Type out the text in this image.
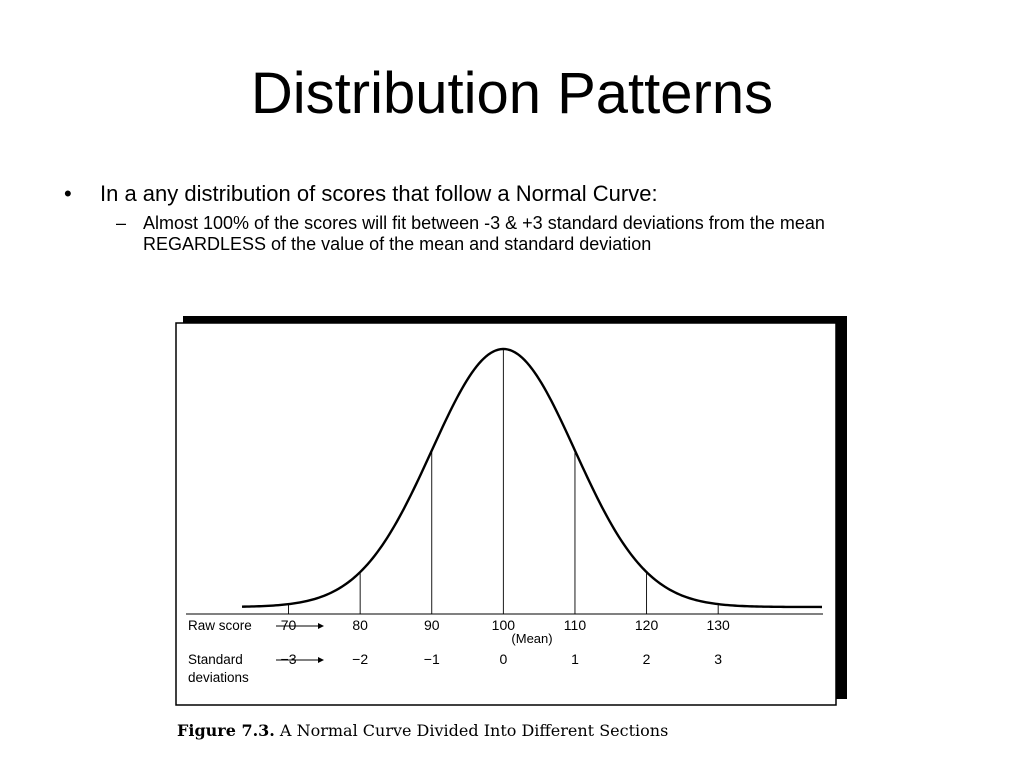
Distribution Patterns
• In a any distribution of scores that follow a Normal Curve:
– Almost 100% of the scores will fit between -3 & +3 standard deviations from the mean REGARDLESS of the value of the mean and standard deviation
70	80	90	100	110	120	130
−3	−2	−1	0	1	2	3
Raw score
Standard
deviations
(Mean)
Figure 7.3. A Normal Curve Divided Into Different Sections
